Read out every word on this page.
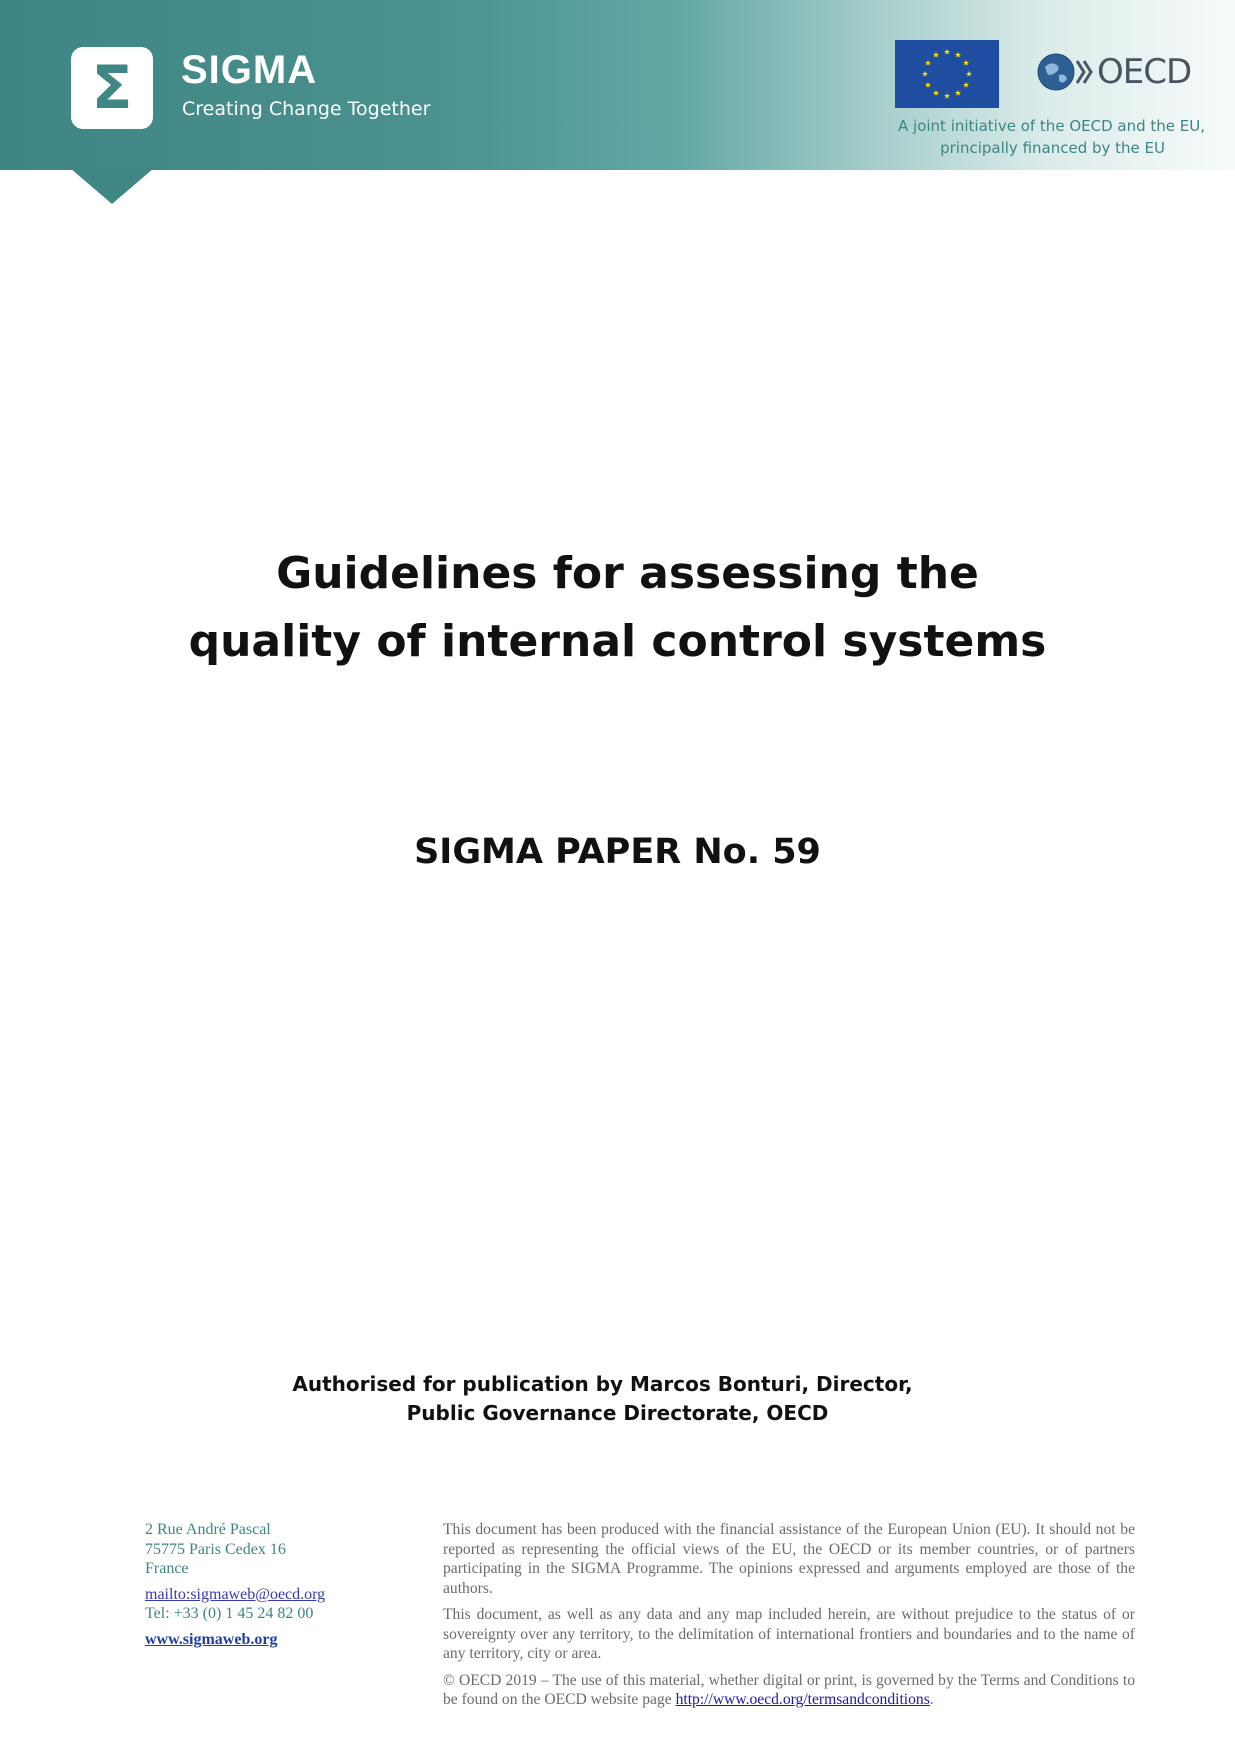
Σ SIGMA
Creating Change Together
OECD
A joint initiative of the OECD and the EU,
principally financed by the EU
Guidelines for assessing the
quality of internal control systems
SIGMA PAPER No. 59
Authorised for publication by Marcos Bonturi, Director,
Public Governance Directorate, OECD
2 Rue André Pascal
75775 Paris Cedex 16
France
mailto:sigmaweb@oecd.org
Tel: +33 (0) 1 45 24 82 00
www.sigmaweb.org

This document has been produced with the financial assistance of the European Union (EU). It should not be reported as representing the official views of the EU, the OECD or its member countries, or of partners participating in the SIGMA Programme. The opinions expressed and arguments employed are those of the authors.

This document, as well as any data and any map included herein, are without prejudice to the status of or sovereignty over any territory, to the delimitation of international frontiers and boundaries and to the name of any territory, city or area.

© OECD 2019 – The use of this material, whether digital or print, is governed by the Terms and Conditions to be found on the OECD website page http://www.oecd.org/termsandconditions.
